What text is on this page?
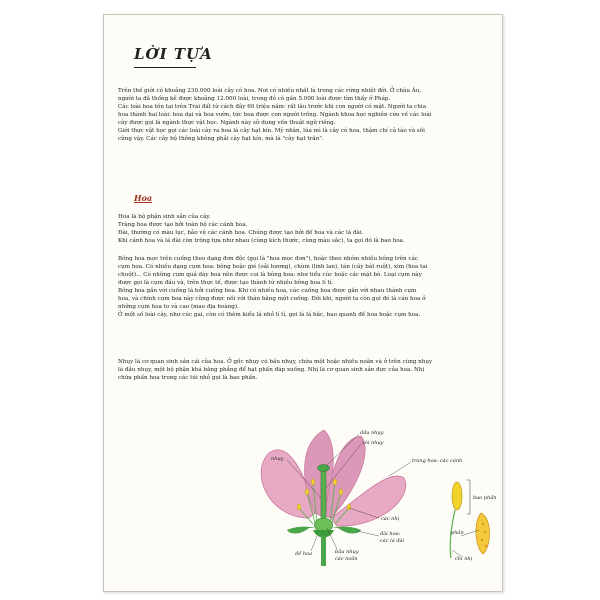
LỜI TỰA
Trên thế giới có khoảng 230.000 loài cây có hoa. Nơi có nhiều nhất là trong các rừng nhiệt đới. Ở châu Âu,
người ta đã thống kê được khoảng 12.000 loài, trong đó có gần 5.000 loài được tìm thấy ở Pháp.
Các loài hoa tồn tại trên Trái đất từ cách đây 60 triệu năm: rất lâu trước khi con người có mặt. Người ta chia
hoa thành hai loài: hoa dại và hoa vườn, tức hoa được con người trồng. Ngành khoa học nghiên cứu về các loài
cây được gọi là ngành thực vật học. Ngành này sử dụng vốn thuật ngữ riêng.
Giới thực vật học gọi các loài cây ra hoa là cây hạt kín. Mỹ nhân, lúa mì là cây có hoa, thậm chí cả táo và sồi
cũng vậy. Các cây bộ thông không phải cây hạt kín, mà là "cây hạt trần".
Hoa
Hoa là bộ phận sinh sản của cây.
Tràng hoa được tạo bởi toàn bộ các cánh hoa.
Đài, thường có màu lục, bảo vệ các cánh hoa. Chúng được tạo bởi đế hoa và các lá đài.
Khi cánh hoa và lá đài còn trông tựa như nhau (cùng kích thước, cùng màu sắc), ta gọi đó là bao hoa.
Bông hoa mọc trên cuống theo dạng đơn độc (gọi là "hoa mọc đơn"), hoặc theo nhóm nhiều bông trên các
cụm hoa. Có nhiều dạng cụm hoa: bông hoặc gié (oải hương), chùm (linh lan), tán (cây bát ruột), xim (hoa tai
chuột)... Có những cụm quá dày hoa nên được coi là bông hoa: như tiểu cúc hoặc các mặt bò. Loại cụm này
được gọi là cụm đầu và, trên thực tế, được tạo thành từ nhiều bông hoa lí tí.
Bông hoa gắn với cuống lá bởi cuống hoa. Khi có nhiều hoa, các cuống hoa được gắn với nhau thành cụm
hoa, và chính cụm hoa này cũng được nối với thân bằng một cuống. Đôi khi, người ta còn gọi đó là cán hoa ở
những cụm hoa to và cao (mao địa hoàng).
Ở một số loài cây, như cúc gai, còn có thêm kiểu lá nhỏ lí tí, gọi là lá bắc, bao quanh đế hoa hoặc cụm hoa.
Nhụy là cơ quan sinh sản cái của hoa. Ở gốc nhụy có bầu nhụy, chứa một hoặc nhiều noãn và ở trên cùng nhụy
là đầu nhụy, một bộ phận khá bằng phẳng để hạt phấn đáp xuống. Nhị là cơ quan sinh sản đực của hoa. Nhị
chứa phấn hoa trong các túi nhỏ gọi là bao phấn.
đầu nhụy
vòi nhụy
nhụy	tràng hoa: các cánh
bao phấn
các nhị
đài hoa:
các lá đài
đế hoa	bầu nhụy
các noãn
phấn
chỉ nhị
